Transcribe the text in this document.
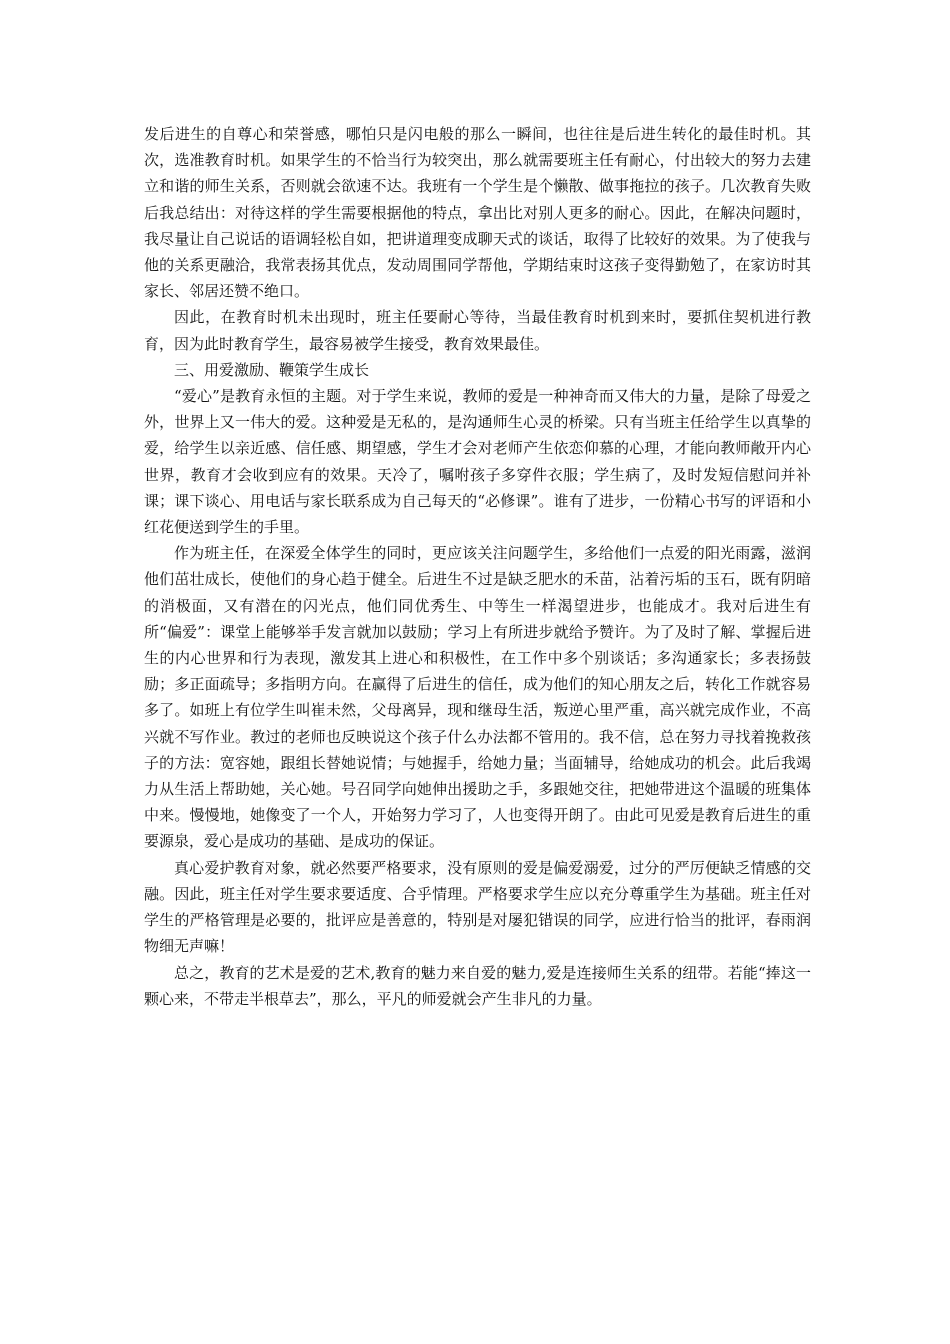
发后进生的自尊心和荣誉感，哪怕只是闪电般的那么一瞬间，也往往是后进生转化的最佳时机。其次，选准教育时机。如果学生的不恰当行为较突出，那么就需要班主任有耐心，付出较大的努力去建立和谐的师生关系，否则就会欲速不达。我班有一个学生是个懒散、做事拖拉的孩子。几次教育失败后我总结出：对待这样的学生需要根据他的特点，拿出比对别人更多的耐心。因此，在解决问题时，我尽量让自己说话的语调轻松自如，把讲道理变成聊天式的谈话，取得了比较好的效果。为了使我与他的关系更融洽，我常表扬其优点，发动周围同学帮他，学期结束时这孩子变得勤勉了，在家访时其家长、邻居还赞不绝口。

因此，在教育时机未出现时，班主任要耐心等待，当最佳教育时机到来时，要抓住契机进行教育，因为此时教育学生，最容易被学生接受，教育效果最佳。

三、用爱激励、鞭策学生成长

“爱心”是教育永恒的主题。对于学生来说，教师的爱是一种神奇而又伟大的力量，是除了母爱之外，世界上又一伟大的爱。这种爱是无私的，是沟通师生心灵的桥梁。只有当班主任给学生以真挚的爱，给学生以亲近感、信任感、期望感，学生才会对老师产生依恋仰慕的心理，才能向教师敞开内心世界，教育才会收到应有的效果。天冷了，嘱咐孩子多穿件衣服；学生病了，及时发短信慰问并补课；课下谈心、用电话与家长联系成为自己每天的“必修课”。谁有了进步，一份精心书写的评语和小红花便送到学生的手里。

作为班主任，在深爱全体学生的同时，更应该关注问题学生，多给他们一点爱的阳光雨露，滋润他们茁壮成长，使他们的身心趋于健全。后进生不过是缺乏肥水的禾苗，沾着污垢的玉石，既有阴暗的消极面，又有潜在的闪光点，他们同优秀生、中等生一样渴望进步，也能成才。我对后进生有所“偏爱”：课堂上能够举手发言就加以鼓励；学习上有所进步就给予赞许。为了及时了解、掌握后进生的内心世界和行为表现，激发其上进心和积极性，在工作中多个别谈话；多沟通家长；多表扬鼓励；多正面疏导；多指明方向。在赢得了后进生的信任，成为他们的知心朋友之后，转化工作就容易多了。如班上有位学生叫崔未然，父母离异，现和继母生活，叛逆心里严重，高兴就完成作业，不高兴就不写作业。教过的老师也反映说这个孩子什么办法都不管用的。我不信，总在努力寻找着挽救孩子的方法：宽容她，跟组长替她说情；与她握手，给她力量；当面辅导，给她成功的机会。此后我竭力从生活上帮助她，关心她。号召同学向她伸出援助之手，多跟她交往，把她带进这个温暖的班集体中来。慢慢地，她像变了一个人，开始努力学习了，人也变得开朗了。由此可见爱是教育后进生的重要源泉，爱心是成功的基础、是成功的保证。

真心爱护教育对象，就必然要严格要求，没有原则的爱是偏爱溺爱，过分的严厉便缺乏情感的交融。因此，班主任对学生要求要适度、合乎情理。严格要求学生应以充分尊重学生为基础。班主任对学生的严格管理是必要的，批评应是善意的，特别是对屡犯错误的同学，应进行恰当的批评，春雨润物细无声嘛！

总之，教育的艺术是爱的艺术,教育的魅力来自爱的魅力,爱是连接师生关系的纽带。若能“捧这一颗心来，不带走半根草去”，那么，平凡的师爱就会产生非凡的力量。
